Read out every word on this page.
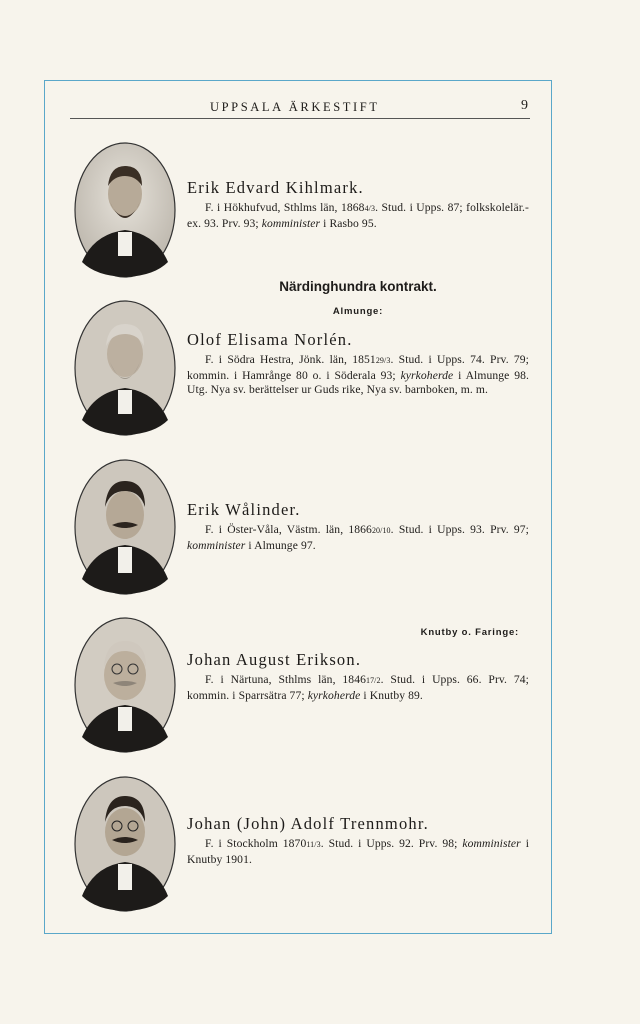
UPPSALA ÄRKESTIFT	9
Erik Edvard Kihlmark.
F. i Hökhufvud, Sthlms län, 18684/3. Stud. i Upps. 87; folkskolelär.-ex. 93. Prv. 93; komminister i Rasbo 95.
Närdinghundra kontrakt.
Almunge:
Olof Elisama Norlén.
F. i Södra Hestra, Jönk. län, 185129/3. Stud. i Upps. 74. Prv. 79; kommin. i Hamrånge 80 o. i Söderala 93; kyrkoherde i Almunge 98. Utg. Nya sv. berättelser ur Guds rike, Nya sv. barnboken, m. m.
Erik Wålinder.
F. i Öster-Våla, Västm. län, 186620/10. Stud. i Upps. 93. Prv. 97; komminister i Almunge 97.
Knutby o. Faringe:
Johan August Erikson.
F. i Närtuna, Sthlms län, 184617/2. Stud. i Upps. 66. Prv. 74; kommin. i Sparrsätra 77; kyrkoherde i Knutby 89.
Johan (John) Adolf Trennmohr.
F. i Stockholm 187011/3. Stud. i Upps. 92. Prv. 98; komminister i Knutby 1901.
